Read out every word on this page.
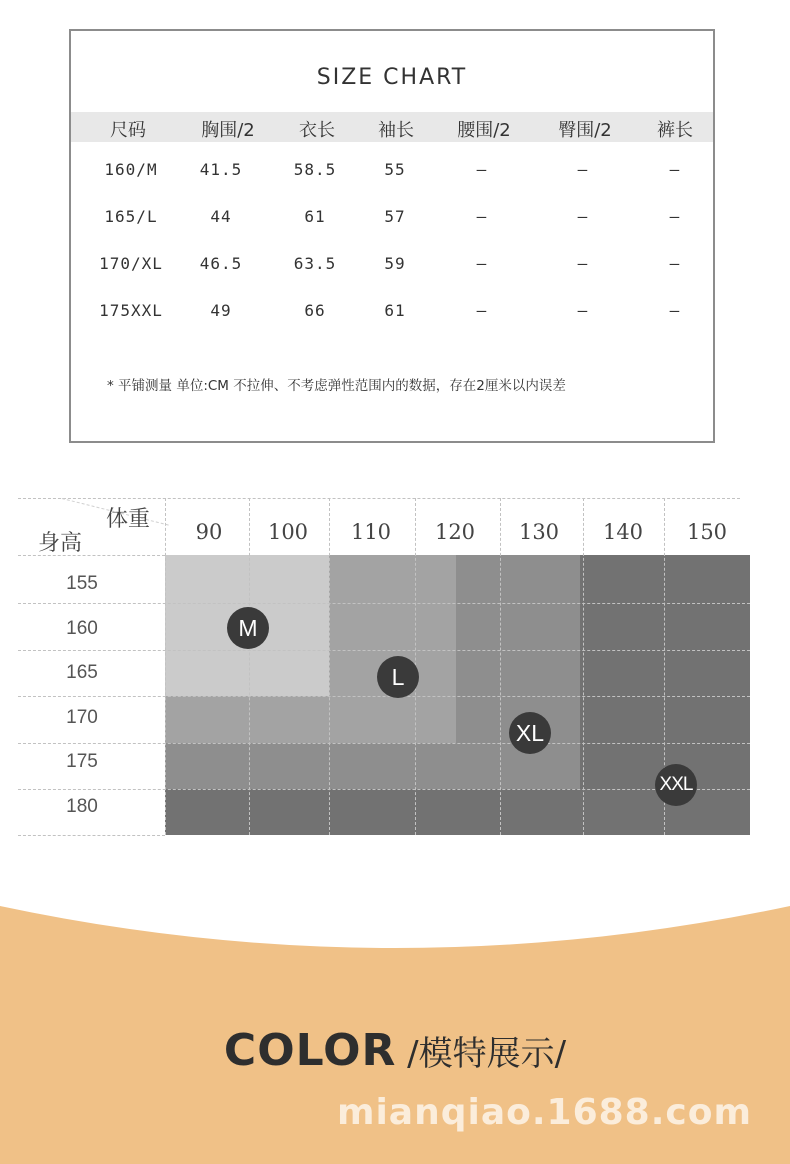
SIZE CHART
尺码	胸围/2	衣长	袖长	腰围/2	臀围/2	裤长
160/M	41.5	58.5	55	—	—	—
165/L	44	61	57	—	—	—
170/XL	46.5	63.5	59	—	—	—
175XXL	49	66	61	—	—	—
* 平铺测量 单位:CM 不拉伸、不考虑弹性范围内的数据，存在2厘米以内误差
体重
身高	90	100	110	120	130	140	150
155
160
165
170
175
180
M
L
XL
XXL
COLOR /模特展示/
mianqiao.1688.com
